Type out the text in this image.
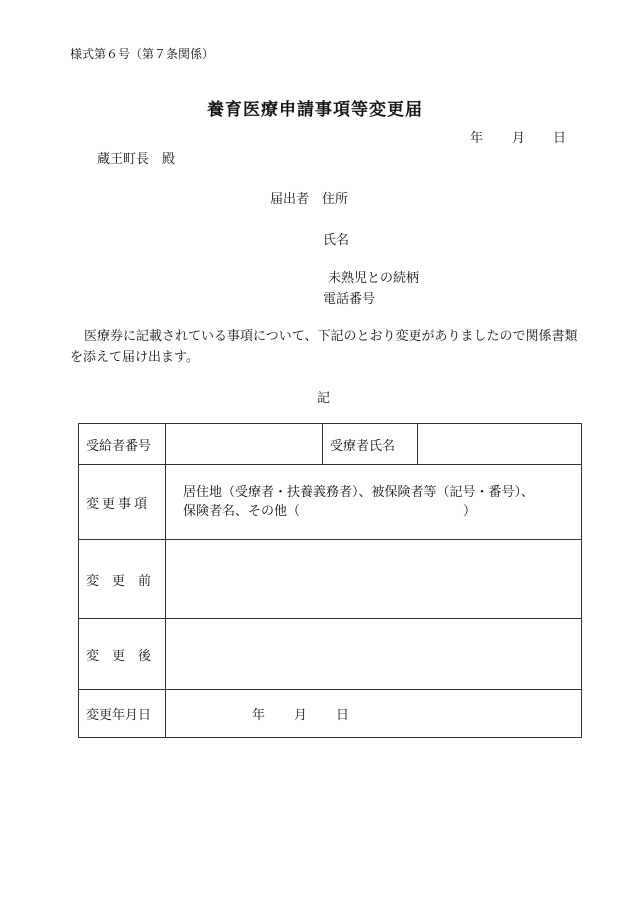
様式第６号（第７条関係）
養育医療申請事項等変更届
年 月 日
蔵王町長　殿
届出者 住所
氏名
未熟児との続柄
電話番号
医療券に記載されている事項について、下記のとおり変更がありましたので関係書類を添えて届け出ます。
記
受給者番号		受療者氏名	
変更事項	居住地（受療者・扶養義務者）、被保険者等（記号・番号）、
保険者名、その他（ ）		

変更前			
変更後			
変更年月日	年 月 日		
